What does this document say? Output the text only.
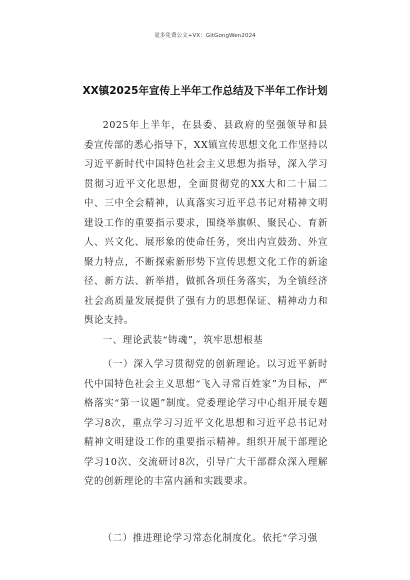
更多免费公文+VX：GitGongWen2024
XX镇2025年宣传上半年工作总结及下半年工作计划

2025年上半年，在县委、县政府的坚强领导和县委宣传部的悉心指导下，XX镇宣传思想文化工作坚持以习近平新时代中国特色社会主义思想为指导，深入学习贯彻习近平文化思想，全面贯彻党的XX大和二十届二中、三中全会精神，认真落实习近平总书记对精神文明建设工作的重要指示要求，围绕举旗帜、聚民心、育新人、兴文化、展形象的使命任务，突出内宣鼓劲、外宣聚力特点，不断探索新形势下宣传思想文化工作的新途径、新方法、新举措，做抓各项任务落实，为全镇经济社会高质量发展提供了强有力的思想保证、精神动力和舆论支持。

一、理论武装“铸魂”，筑牢思想根基

（一）深入学习贯彻党的创新理论。以习近平新时代中国特色社会主义思想“飞入寻常百姓家”为目标，严格落实“第一议题”制度。党委理论学习中心组开展专题学习8次，重点学习习近平文化思想和习近平总书记对精神文明建设工作的重要指示精神。组织开展干部理论学习10次、交流研讨8次，引导广大干部群众深入理解党的创新理论的丰富内涵和实践要求。

（二）推进理论学习常态化制度化。依托“学习强
